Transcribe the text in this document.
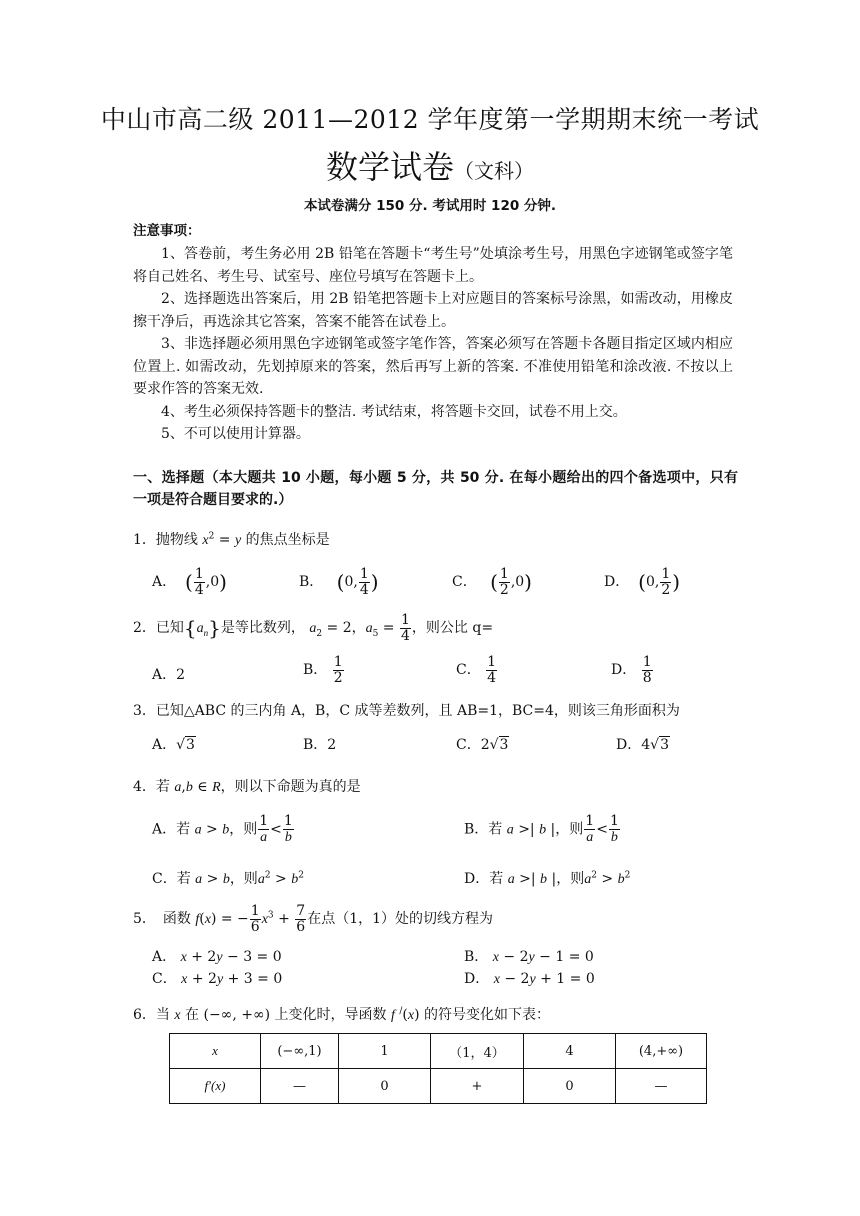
中山市高二级 2011—2012 学年度第一学期期末统一考试
数学试卷（文科）
本试卷满分 150 分. 考试用时 120 分钟.
注意事项：

1、答卷前，考生务必用 2B 铅笔在答题卡“考生号”处填涂考生号，用黑色字迹钢笔或签字笔将自己姓名、考生号、试室号、座位号填写在答题卡上。

2、选择题选出答案后，用 2B 铅笔把答题卡上对应题目的答案标号涂黑，如需改动，用橡皮擦干净后，再选涂其它答案，答案不能答在试卷上。

3、非选择题必须用黑色字迹钢笔或签字笔作答，答案必须写在答题卡各题目指定区域内相应位置上. 如需改动，先划掉原来的答案，然后再写上新的答案. 不准使用铅笔和涂改液. 不按以上要求作答的答案无效.

4、考生必须保持答题卡的整洁. 考试结束，将答题卡交回，试卷不用上交。

5、不可以使用计算器。

一、选择题（本大题共 10 小题，每小题 5 分，共 50 分. 在每小题给出的四个备选项中，只有一项是符合题目要求的.）
1．抛物线 $x^2 = y$ 的焦点坐标是
A． ( $\frac{1}{4} ,0$)	B． (0, $\frac{1}{4}$ )	C． ( $\frac{1}{2} ,0$)	D． (0, $\frac{1}{2}$ )
2．已知$\{a_n\}$是等比数列， $a_2 = 2$，$a_5 = \frac{1}{4}$ ，则公比 q=
A．2	B． $\frac{1}{2}$	C． $\frac{1}{4}$	D． $\frac{1}{8}$
3．已知△ABC 的三内角 A，B，C 成等差数列，且 AB=1，BC=4，则该三角形面积为
A．√3	B．2	C．2√3	D．4√3
4．若 a,b ∈ R，则以下命题为真的是
A．若 a > b，则 $\frac{1}{a} < \frac{1}{b}$	B．若 a >| b |，则 $\frac{1}{a} < \frac{1}{b}$
C．若 a > b，则$a^2 > b^2$	D．若 a >| b |，则$a^2 > b^2$
5．　函数 f(x) = − $\frac{1}{6} x^3 + \frac{7}{6}$ 在点（1，1）处的切线方程为
A． x + 2y − 3 = 0	B． x − 2y − 1 = 0
C． x + 2y + 3 = 0	D． x − 2y + 1 = 0
6．当 x 在 (−∞, +∞) 上变化时，导函数 f /(x) 的符号变化如下表：
x	(−∞,1)	1	（1，4）	4	(4,+∞)
f′(x)	—	0	+	0	—
